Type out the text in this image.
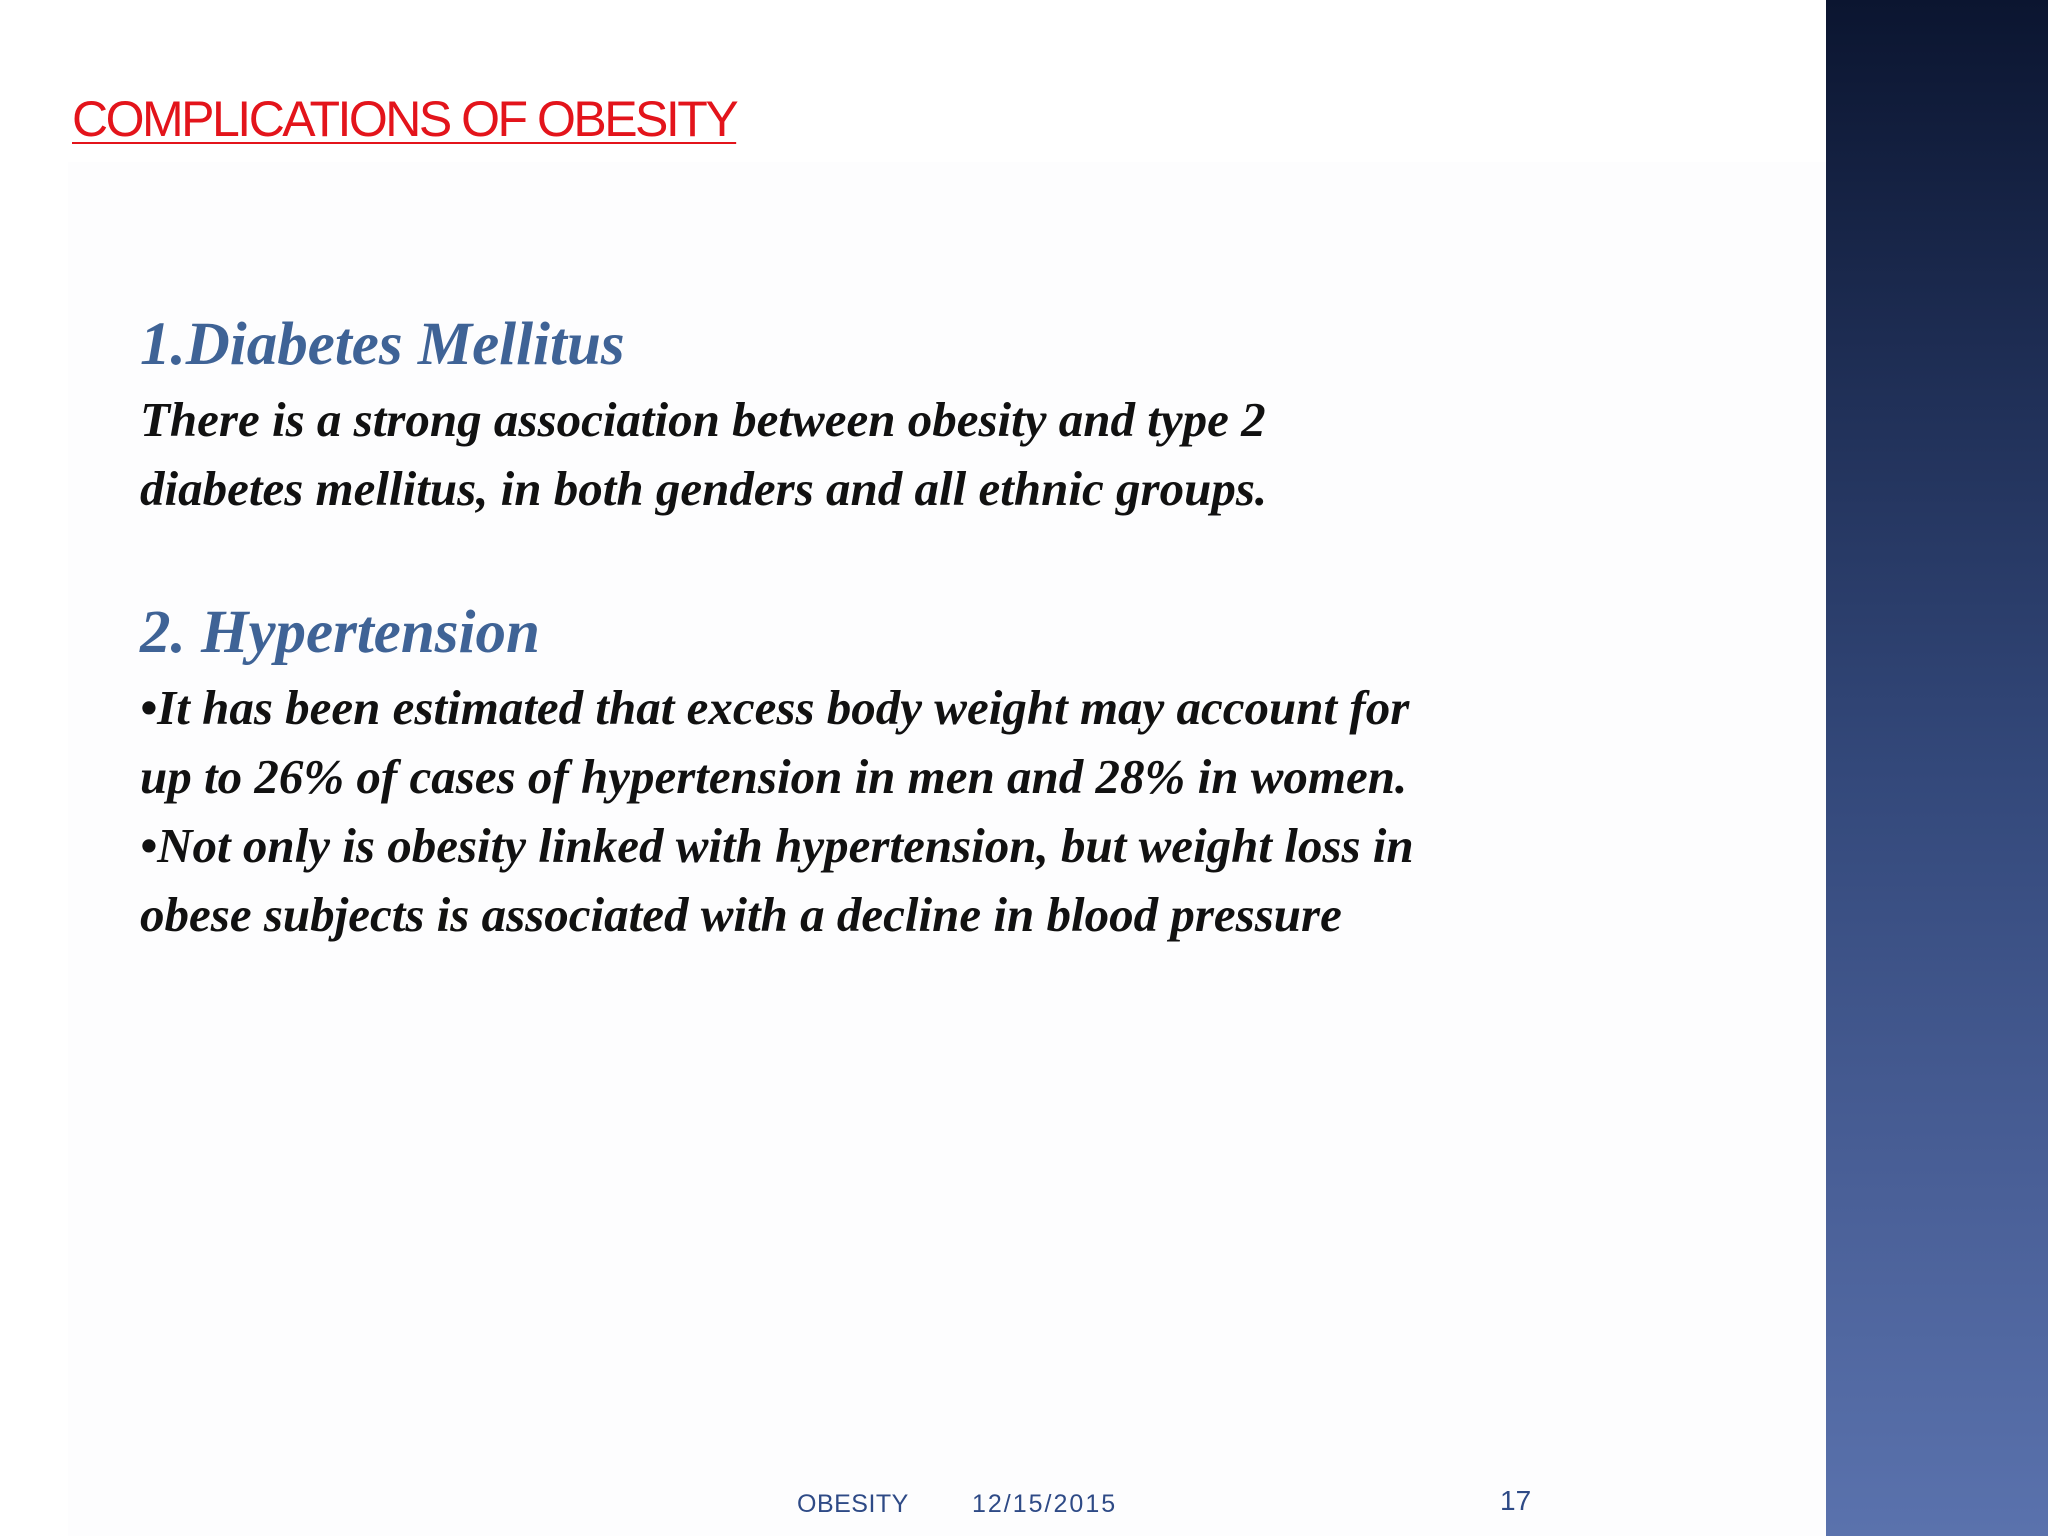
COMPLICATIONS OF OBESITY
1.Diabetes Mellitus
There is a strong association between obesity and type 2
diabetes mellitus, in both genders and all ethnic groups.
2. Hypertension
•It has been estimated that excess body weight may account for
up to 26% of cases of hypertension in men and 28% in women.
•Not only is obesity linked with hypertension, but weight loss in
obese subjects is associated with a decline in blood pressure
OBESITY	12/15/2015	17
